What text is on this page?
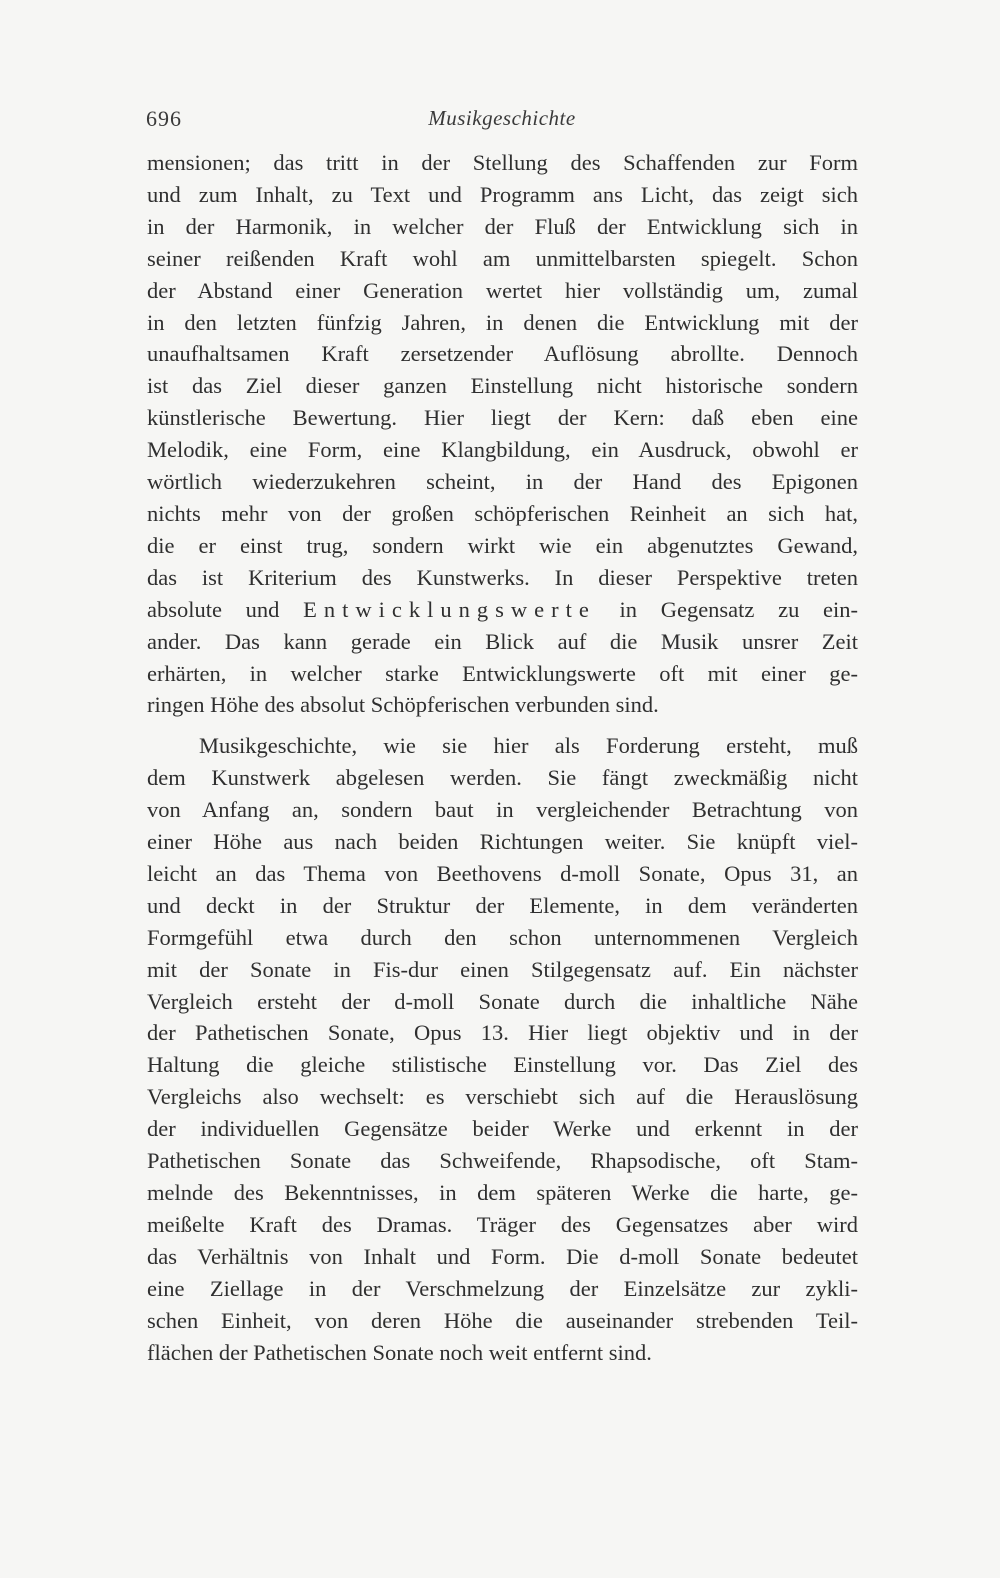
696	Musikgeschichte
mensionen; das tritt in der Stellung des Schaffenden zur Form
und zum Inhalt, zu Text und Programm ans Licht, das zeigt sich
in der Harmonik, in welcher der Fluß der Entwicklung sich in
seiner reißenden Kraft wohl am unmittelbarsten spiegelt. Schon
der Abstand einer Generation wertet hier vollständig um, zumal
in den letzten fünfzig Jahren, in denen die Entwicklung mit der
unaufhaltsamen Kraft zersetzender Auflösung abrollte. Dennoch
ist das Ziel dieser ganzen Einstellung nicht historische sondern
künstlerische Bewertung. Hier liegt der Kern: daß eben eine
Melodik, eine Form, eine Klangbildung, ein Ausdruck, obwohl er
wörtlich wiederzukehren scheint, in der Hand des Epigonen
nichts mehr von der großen schöpferischen Reinheit an sich hat,
die er einst trug, sondern wirkt wie ein abgenutztes Gewand,
das ist Kriterium des Kunstwerks. In dieser Perspektive treten
absolute und Entwicklungswerte in Gegensatz zu ein-
ander. Das kann gerade ein Blick auf die Musik unsrer Zeit
erhärten, in welcher starke Entwicklungswerte oft mit einer ge-
ringen Höhe des absolut Schöpferischen verbunden sind.
Musikgeschichte, wie sie hier als Forderung ersteht, muß
dem Kunstwerk abgelesen werden. Sie fängt zweckmäßig nicht
von Anfang an, sondern baut in vergleichender Betrachtung von
einer Höhe aus nach beiden Richtungen weiter. Sie knüpft viel-
leicht an das Thema von Beethovens d-moll Sonate, Opus 31, an
und deckt in der Struktur der Elemente, in dem veränderten
Formgefühl etwa durch den schon unternommenen Vergleich
mit der Sonate in Fis-dur einen Stilgegensatz auf. Ein nächster
Vergleich ersteht der d-moll Sonate durch die inhaltliche Nähe
der Pathetischen Sonate, Opus 13. Hier liegt objektiv und in der
Haltung die gleiche stilistische Einstellung vor. Das Ziel des
Vergleichs also wechselt: es verschiebt sich auf die Herauslösung
der individuellen Gegensätze beider Werke und erkennt in der
Pathetischen Sonate das Schweifende, Rhapsodische, oft Stam-
melnde des Bekenntnisses, in dem späteren Werke die harte, ge-
meißelte Kraft des Dramas. Träger des Gegensatzes aber wird
das Verhältnis von Inhalt und Form. Die d-moll Sonate bedeutet
eine Ziellage in der Verschmelzung der Einzelsätze zur zykli-
schen Einheit, von deren Höhe die auseinander strebenden Teil-
flächen der Pathetischen Sonate noch weit entfernt sind.
